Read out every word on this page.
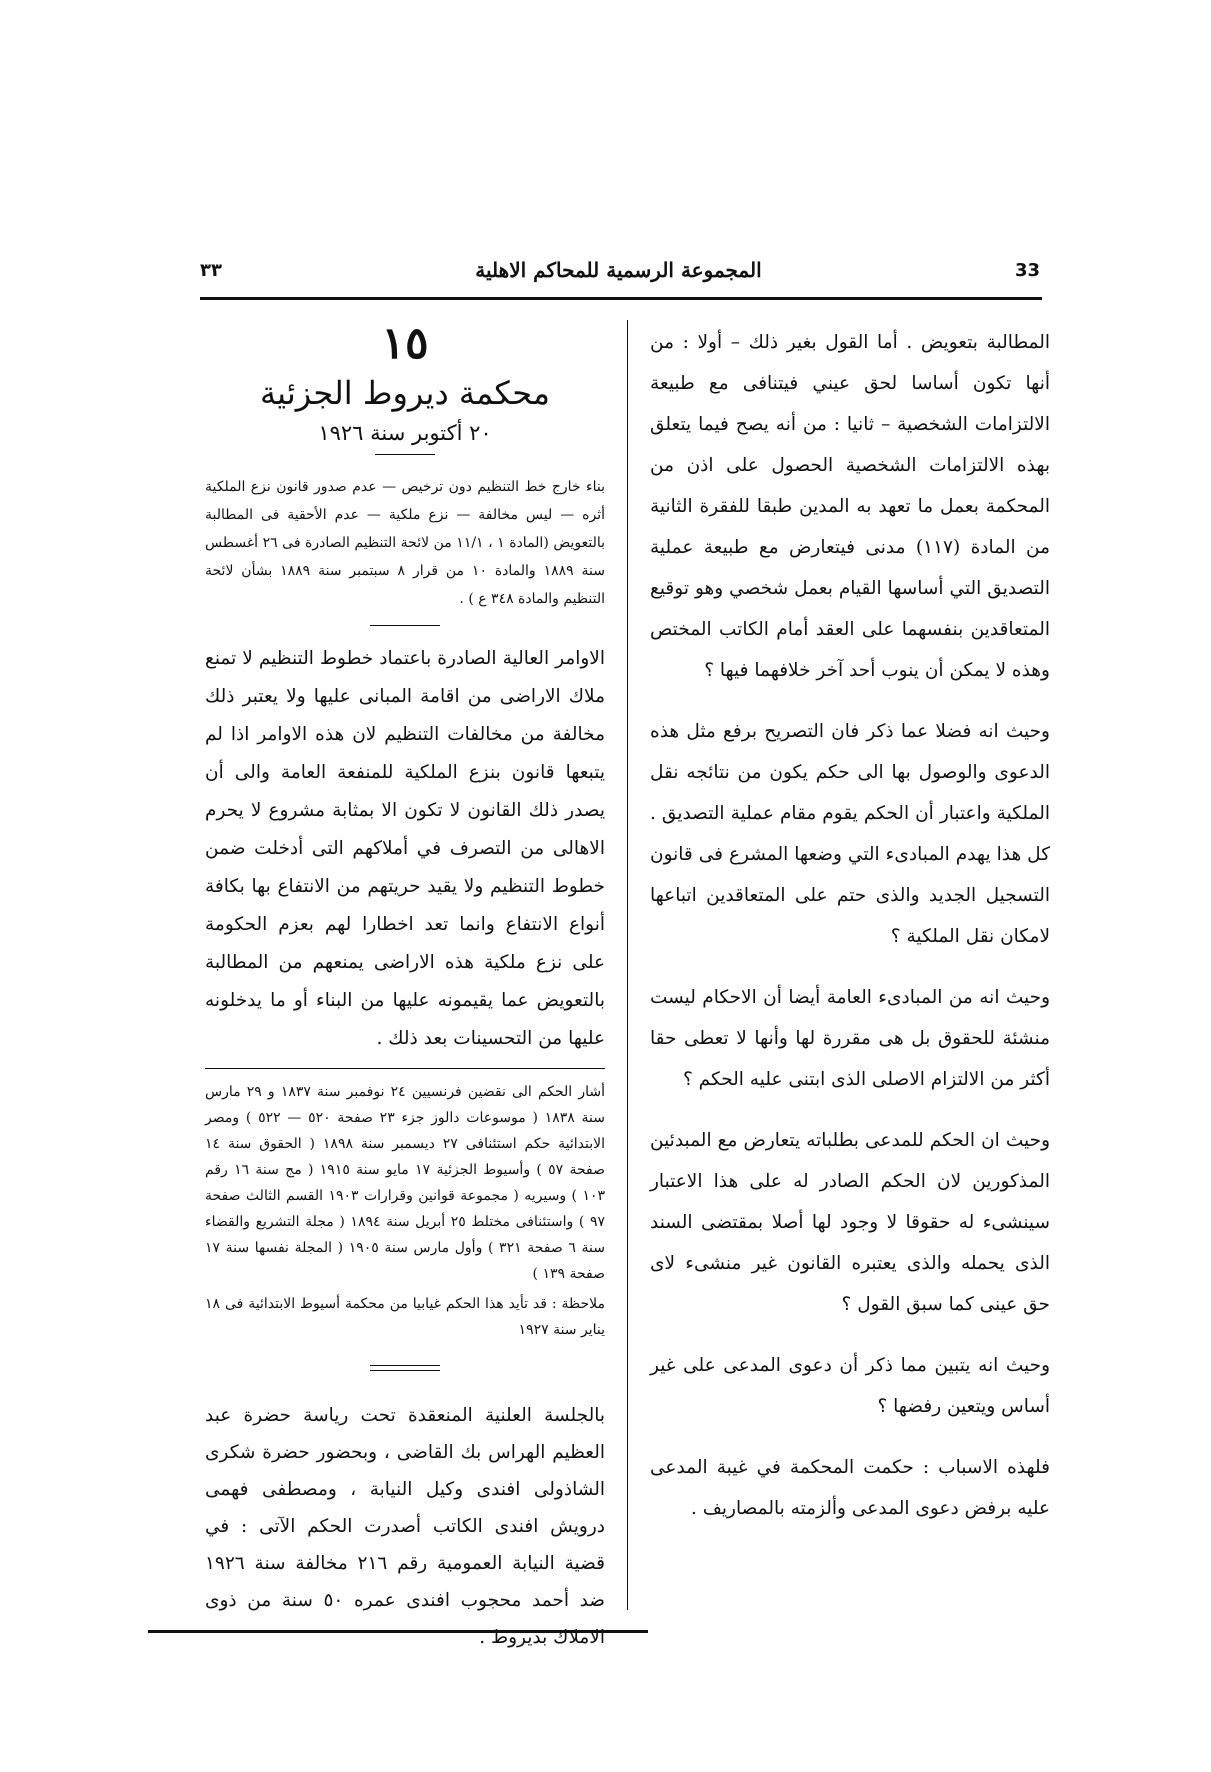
33
المجموعة الرسمية للمحاكم الاهلية
٣٣

المطالبة بتعويض . أما القول بغير ذلك – أولا : من أنها تكون أساسا لحق عيني فيتنافى مع طبيعة الالتزامات الشخصية – ثانيا : من أنه يصح فيما يتعلق بهذه الالتزامات الشخصية الحصول على اذن من المحكمة بعمل ما تعهد به المدين طبقا للفقرة الثانية من المادة (١١٧) مدنى فيتعارض مع طبيعة عملية التصديق التي أساسها القيام بعمل شخصي وهو توقيع المتعاقدين بنفسهما على العقد أمام الكاتب المختص وهذه لا يمكن أن ينوب أحد آخر خلافهما فيها ؟

وحيث انه فضلا عما ذكر فان التصريح برفع مثل هذه الدعوى والوصول بها الى حكم يكون من نتائجه نقل الملكية واعتبار أن الحكم يقوم مقام عملية التصديق . كل هذا يهدم المبادىء التي وضعها المشرع فى قانون التسجيل الجديد والذى حتم على المتعاقدين اتباعها لامكان نقل الملكية ؟

وحيث انه من المبادىء العامة أيضا أن الاحكام ليست منشئة للحقوق بل هى مقررة لها وأنها لا تعطى حقا أكثر من الالتزام الاصلى الذى ابتنى عليه الحكم ؟

وحيث ان الحكم للمدعى بطلباته يتعارض مع المبدئين المذكورين لان الحكم الصادر له على هذا الاعتبار سينشىء له حقوقا لا وجود لها أصلا بمقتضى السند الذى يحمله والذى يعتبره القانون غير منشىء لاى حق عينى كما سبق القول ؟

وحيث انه يتبين مما ذكر أن دعوى المدعى على غير أساس ويتعين رفضها ؟

فلهذه الاسباب : حكمت المحكمة في غيبة المدعى عليه برفض دعوى المدعى وألزمته بالمصاريف .

١٥

محكمة ديروط الجزئية

٢٠ أكتوبر سنة ١٩٢٦

بناء خارج خط التنظيم دون ترخيص — عدم صدور قانون نزع الملكية أثره — ليس مخالفة — نزع ملكية — عدم الأحقية فى المطالبة بالتعويض (المادة ١ ، ١١/١ من لائحة التنظيم الصادرة فى ٢٦ أغسطس سنة ١٨٨٩ والمادة ١٠ من قرار ٨ سبتمبر سنة ١٨٨٩ بشأن لائحة التنظيم والمادة ٣٤٨ ع ) .

الاوامر العالية الصادرة باعتماد خطوط التنظيم لا تمنع ملاك الاراضى من اقامة المبانى عليها ولا يعتبر ذلك مخالفة من مخالفات التنظيم لان هذه الاوامر اذا لم يتبعها قانون بنزع الملكية للمنفعة العامة والى أن يصدر ذلك القانون لا تكون الا بمثابة مشروع لا يحرم الاهالى من التصرف في أملاكهم التى أدخلت ضمن خطوط التنظيم ولا يقيد حريتهم من الانتفاع بها بكافة أنواع الانتفاع وانما تعد اخطارا لهم بعزم الحكومة على نزع ملكية هذه الاراضى يمنعهم من المطالبة بالتعويض عما يقيمونه عليها من البناء أو ما يدخلونه عليها من التحسينات بعد ذلك .

أشار الحكم الى نقضين فرنسيين ٢٤ نوفمبر سنة ١٨٣٧ و ٢٩ مارس سنة ١٨٣٨ ( موسوعات دالوز جزء ٢٣ صفحة ٥٢٠ — ٥٢٢ ) ومصر الابتدائية حكم استئنافى ٢٧ ديسمبر سنة ١٨٩٨ ( الحقوق سنة ١٤ صفحة ٥٧ ) وأسيوط الجزئية ١٧ مايو سنة ١٩١٥ ( مج سنة ١٦ رقم ١٠٣ ) وسيريه ( مجموعة قوانين وقرارات ١٩٠٣ القسم الثالث صفحة ٩٧ ) واستئنافى مختلط ٢٥ أبريل سنة ١٨٩٤ ( مجلة التشريع والقضاء سنة ٦ صفحة ٣٢١ ) وأول مارس سنة ١٩٠٥ ( المجلة نفسها سنة ١٧ صفحة ١٣٩ )

ملاحظة : قد تأيد هذا الحكم غيابيا من محكمة أسيوط الابتدائية فى ١٨ يناير سنة ١٩٢٧

بالجلسة العلنية المنعقدة تحت رياسة حضرة عبد العظيم الهراس بك القاضى ، وبحضور حضرة شكرى الشاذولى افندى وكيل النيابة ، ومصطفى فهمى درويش افندى الكاتب أصدرت الحكم الآتى : في قضية النيابة العمومية رقم ٢١٦ مخالفة سنة ١٩٢٦ ضد أحمد محجوب افندى عمره ٥٠ سنة من ذوى الاملاك بديروط .
